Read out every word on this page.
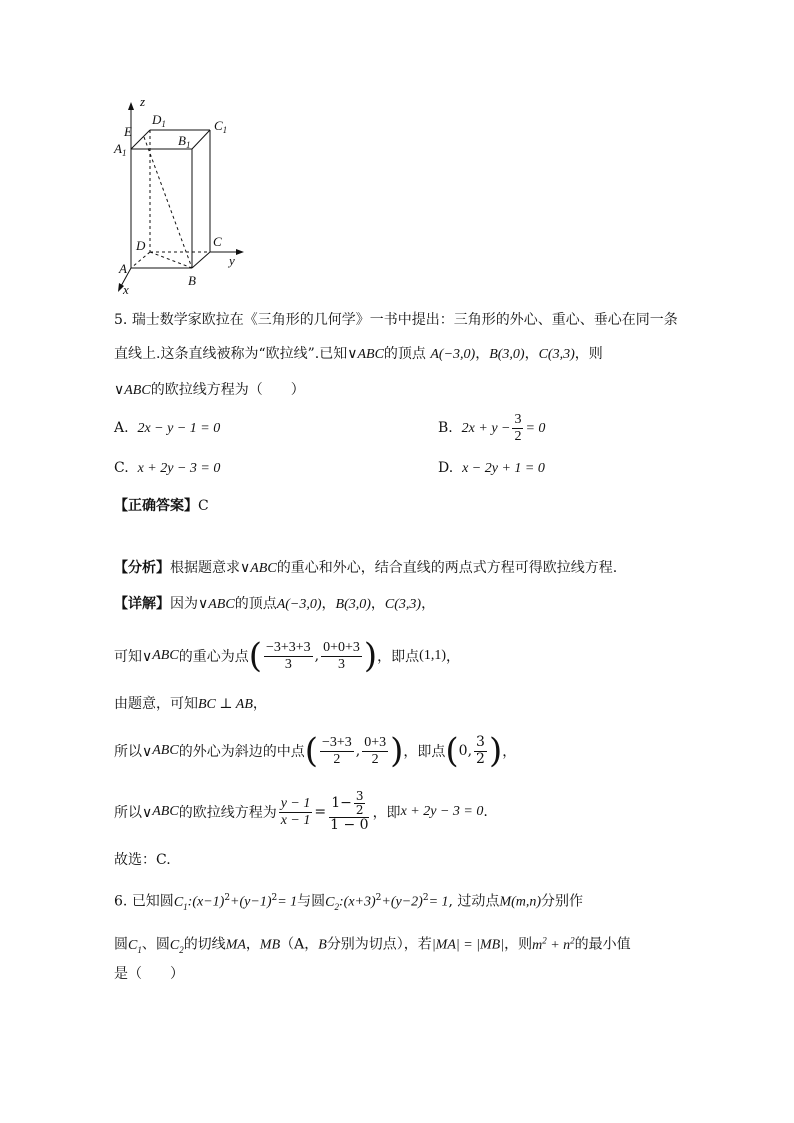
z
$D_1$	$C_1$
E
$B_1$
$A_1$
D	C
y
A
B
x
5. 瑞士数学家欧拉在《三角形的几何学》一书中提出：三角形的外心、重心、垂心在同一条
直线上.这条直线被称为“欧拉线”.已知∨ABC的顶点 A(−3,0)，B(3,0)，C(3,3)，则
∨ABC的欧拉线方程为（　　）
A. 2x − y − 1 = 0	B. $2x + y - \frac{3}{2} = 0$
C. x + 2y − 3 = 0	D. x − 2y + 1 = 0
【正确答案】C
【分析】根据题意求∨ABC的重心和外心，结合直线的两点式方程可得欧拉线方程.
【详解】因为∨ABC的顶点A(−3,0)，B(3,0)，C(3,3)，
可知∨ ABC 的重心为点 ( $\frac{-3+3+3}{3}$ , $\frac{0+0+3}{3}$ ) ，即点 (1,1) ，
由题意，可知BC ⊥ AB，
所以∨ ABC 的外心为斜边的中点 ( $\frac{-3+3}{2}$ , $\frac{0+3}{2}$ ) ，即点 ( 0, $\frac{3}{2}$ ) ，
所以∨ ABC 的欧拉线方程为 $\frac{y - 1}{x - 1} = \frac{1- \frac{3}{2}}{1 - 0}$ ，即 x + 2y − 3 = 0 .
故选：C.
6. 已知圆$C_1:(x-1)^2+(y-1)^2= 1$与圆$C_2:(x+3)^2+(y-2)^2= 1$, 过动点M(m,n)分别作
圆$C_1$、圆$C_2$的切线MA，MB（A，B分别为切点），若|MA| = |MB|，则$m^2 + n^2$的最小值
是（　　）
